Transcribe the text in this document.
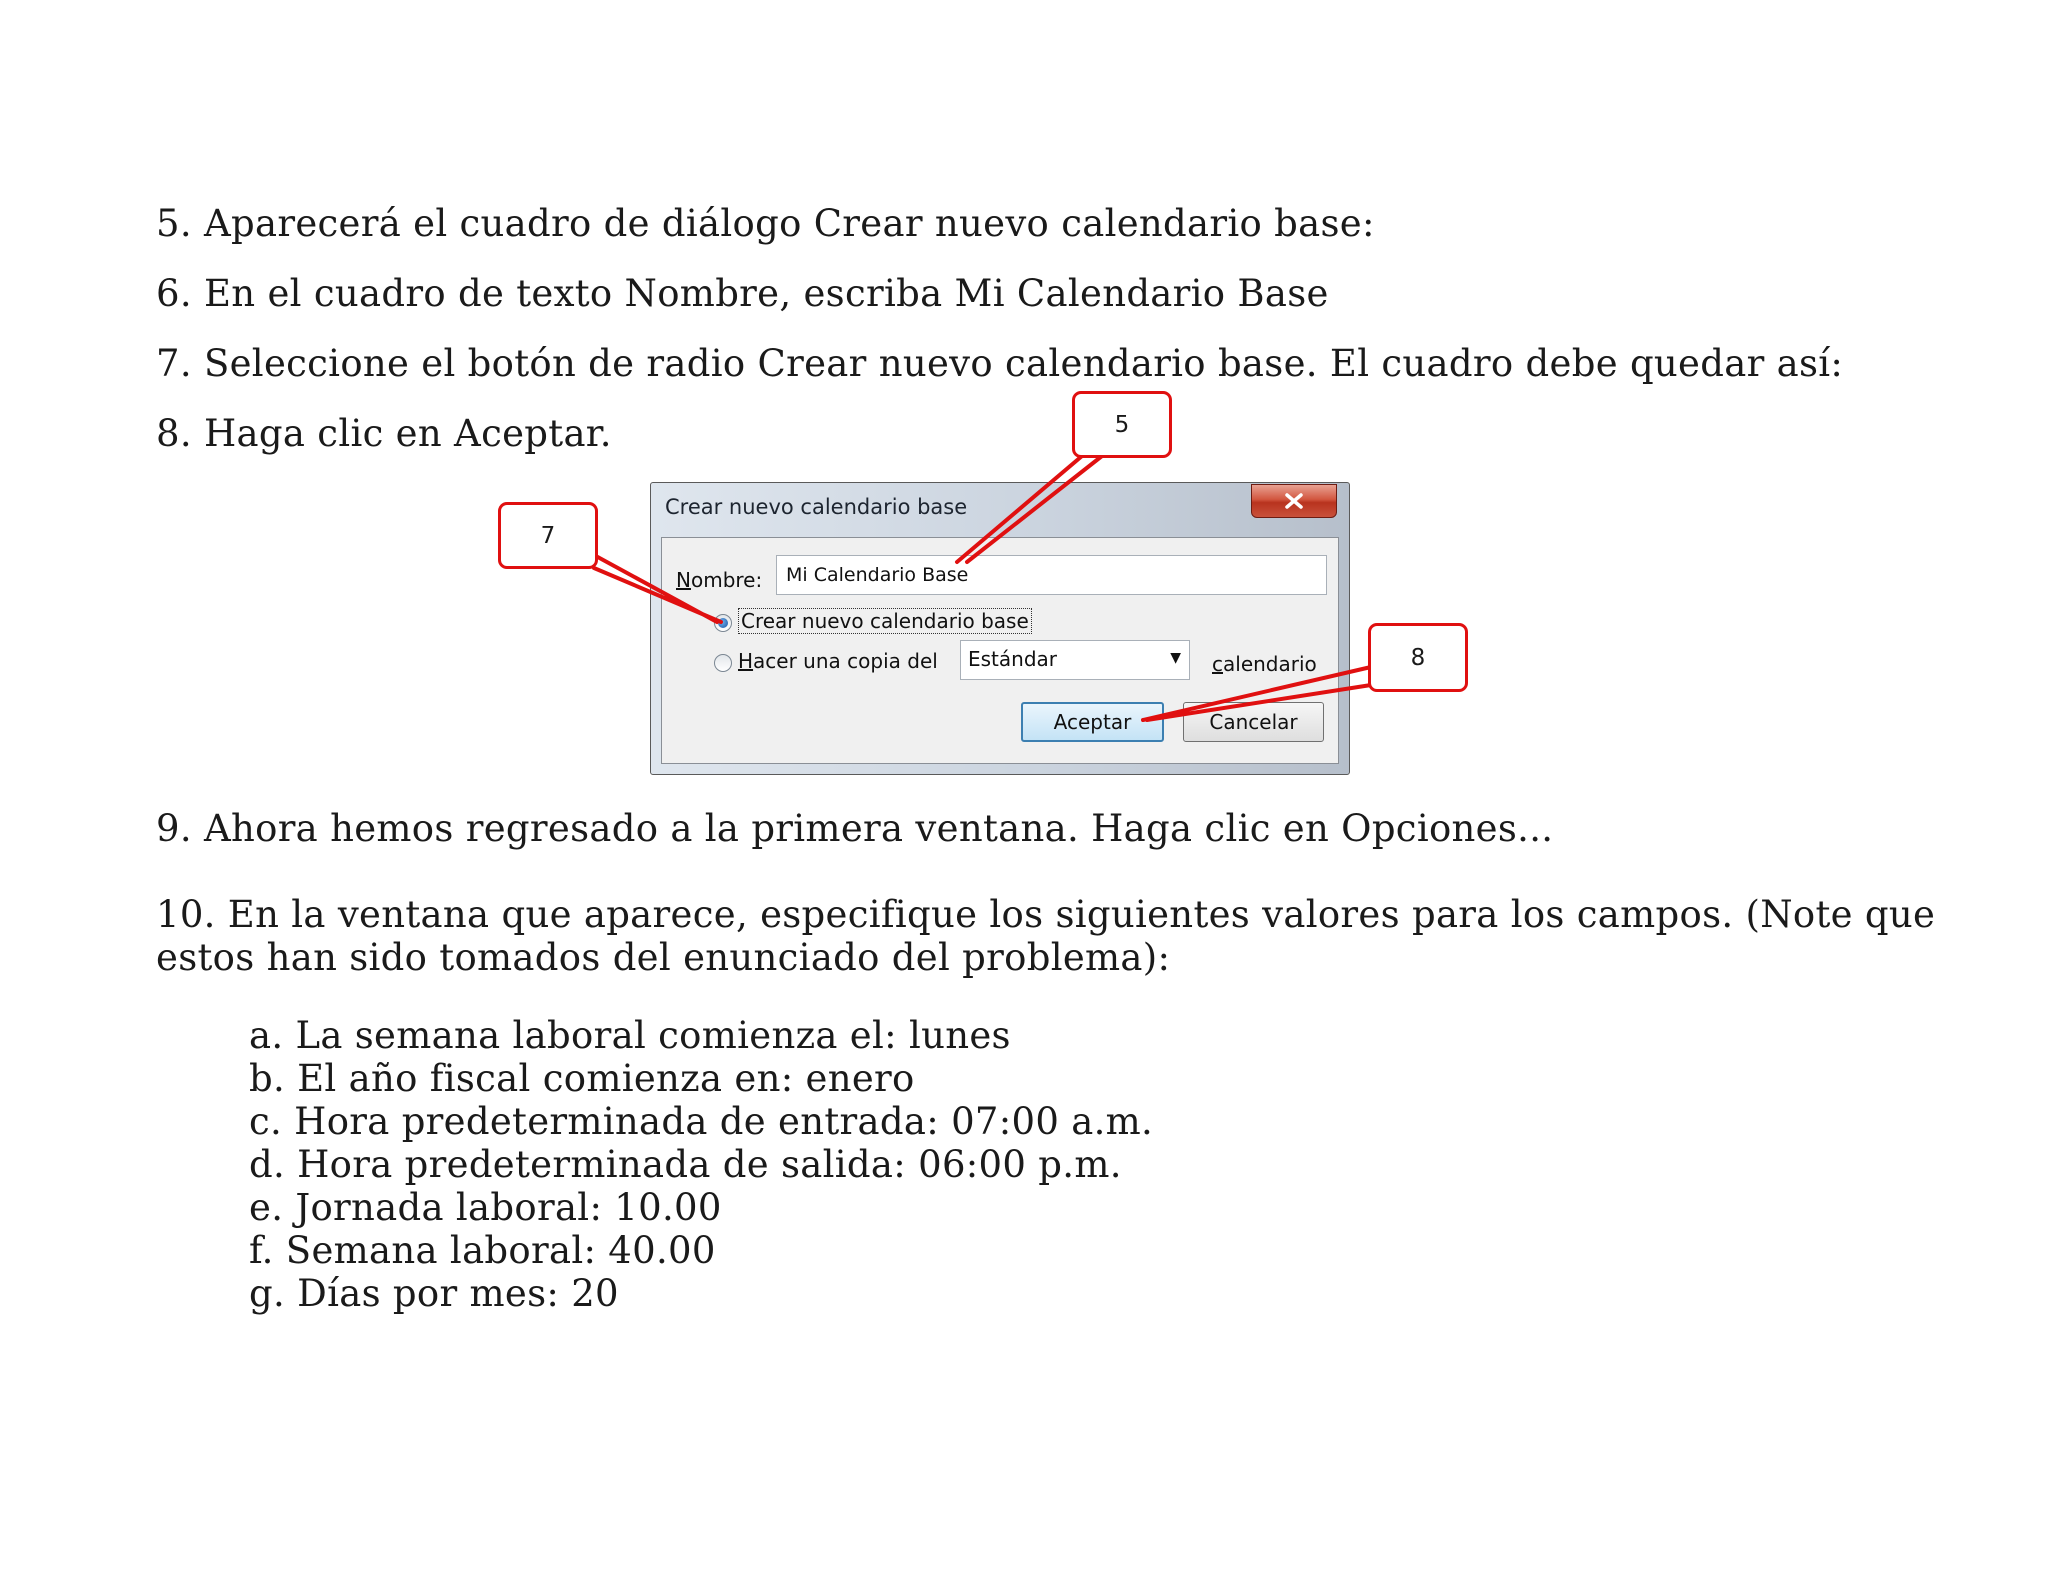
5. Aparecerá el cuadro de diálogo Crear nuevo calendario base:

6. En el cuadro de texto Nombre, escriba Mi Calendario Base

7. Seleccione el botón de radio Crear nuevo calendario base. El cuadro debe quedar así:

8. Haga clic en Aceptar.

Crear nuevo calendario base
Nombre:
Mi Calendario Base
Crear nuevo calendario base
Hacer una copia del	Estándar	▼ calendario
Aceptar	Cancelar
5
7
8

9. Ahora hemos regresado a la primera ventana. Haga clic en Opciones...

10. En la ventana que aparece, especifique los siguientes valores para los campos. (Note que estos han sido tomados del enunciado del problema):

a. La semana laboral comienza el: lunes
b. El año fiscal comienza en: enero
c. Hora predeterminada de entrada: 07:00 a.m.
d. Hora predeterminada de salida: 06:00 p.m.
e. Jornada laboral: 10.00
f. Semana laboral: 40.00
g. Días por mes: 20
